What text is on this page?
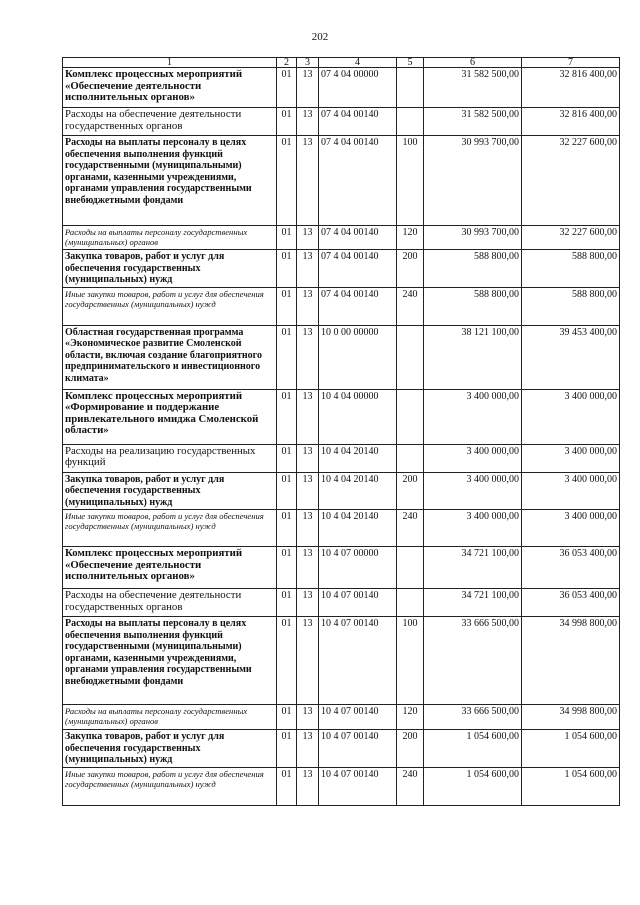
202
1	2	3	4	5	6	7
Комплекс процессных мероприятий «Обеспечение деятельности исполнительных органов»	01	13	07 4 04 00000		31 582 500,00	32 816 400,00
Расходы на обеспечение деятельности государственных органов	01	13	07 4 04 00140		31 582 500,00	32 816 400,00
Расходы на выплаты персоналу в целях обеспечения выполнения функций государственными (муниципальными) органами, казенными учреждениями, органами управления государственными внебюджетными фондами	01	13	07 4 04 00140	100	30 993 700,00	32 227 600,00
Расходы на выплаты персоналу государственных (муниципальных) органов	01	13	07 4 04 00140	120	30 993 700,00	32 227 600,00
Закупка товаров, работ и услуг для обеспечения государственных (муниципальных) нужд	01	13	07 4 04 00140	200	588 800,00	588 800,00
Иные закупки товаров, работ и услуг для обеспечения государственных (муниципальных) нужд	01	13	07 4 04 00140	240	588 800,00	588 800,00
Областная государственная программа «Экономическое развитие Смоленской области, включая создание благоприятного предпринимательского и инвестиционного климата»	01	13	10 0 00 00000		38 121 100,00	39 453 400,00
Комплекс процессных мероприятий «Формирование и поддержание привлекательного имиджа Смоленской области»	01	13	10 4 04 00000		3 400 000,00	3 400 000,00
Расходы на реализацию государственных функций	01	13	10 4 04 20140		3 400 000,00	3 400 000,00
Закупка товаров, работ и услуг для обеспечения государственных (муниципальных) нужд	01	13	10 4 04 20140	200	3 400 000,00	3 400 000,00
Иные закупки товаров, работ и услуг для обеспечения государственных (муниципальных) нужд	01	13	10 4 04 20140	240	3 400 000,00	3 400 000,00
Комплекс процессных мероприятий «Обеспечение деятельности исполнительных органов»	01	13	10 4 07 00000		34 721 100,00	36 053 400,00
Расходы на обеспечение деятельности государственных органов	01	13	10 4 07 00140		34 721 100,00	36 053 400,00
Расходы на выплаты персоналу в целях обеспечения выполнения функций государственными (муниципальными) органами, казенными учреждениями, органами управления государственными внебюджетными фондами	01	13	10 4 07 00140	100	33 666 500,00	34 998 800,00
Расходы на выплаты персоналу государственных (муниципальных) органов	01	13	10 4 07 00140	120	33 666 500,00	34 998 800,00
Закупка товаров, работ и услуг для обеспечения государственных (муниципальных) нужд	01	13	10 4 07 00140	200	1 054 600,00	1 054 600,00
Иные закупки товаров, работ и услуг для обеспечения государственных (муниципальных) нужд	01	13	10 4 07 00140	240	1 054 600,00	1 054 600,00
